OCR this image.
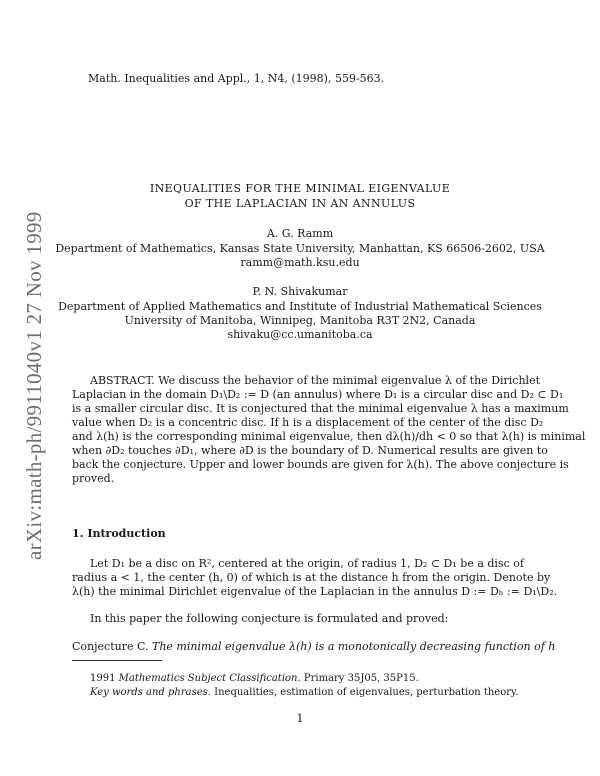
arXiv:math-ph/9911040v1 27 Nov 1999
Math. Inequalities and Appl., 1, N4, (1998), 559-563.
INEQUALITIES FOR THE MINIMAL EIGENVALUE
OF THE LAPLACIAN IN AN ANNULUS
A. G. Ramm
Department of Mathematics, Kansas State University, Manhattan, KS 66506-2602, USA
ramm@math.ksu.edu
P. N. Shivakumar
Department of Applied Mathematics and Institute of Industrial Mathematical Sciences
University of Manitoba, Winnipeg, Manitoba R3T 2N2, Canada
shivaku@cc.umanitoba.ca
ABSTRACT. We discuss the behavior of the minimal eigenvalue λ of the Dirichlet
Laplacian in the domain D₁\D₂ := D (an annulus) where D₁ is a circular disc and D₂ ⊂ D₁
is a smaller circular disc. It is conjectured that the minimal eigenvalue λ has a maximum
value when D₂ is a concentric disc. If h is a displacement of the center of the disc D₂
and λ(h) is the corresponding minimal eigenvalue, then dλ(h)/dh < 0 so that λ(h) is minimal
when ∂D₂ touches ∂D₁, where ∂D is the boundary of D. Numerical results are given to
back the conjecture. Upper and lower bounds are given for λ(h). The above conjecture is
proved.
1. Introduction
Let D₁ be a disc on R², centered at the origin, of radius 1, D₂ ⊂ D₁ be a disc of
radius a < 1, the center (h, 0) of which is at the distance h from the origin. Denote by
λ(h) the minimal Dirichlet eigenvalue of the Laplacian in the annulus D := Dₕ := D₁\D₂.
In this paper the following conjecture is formulated and proved:
Conjecture C. The minimal eigenvalue λ(h) is a monotonically decreasing function of h
1991 Mathematics Subject Classification. Primary 35J05, 35P15.
Key words and phrases. Inequalities, estimation of eigenvalues, perturbation theory.
1
